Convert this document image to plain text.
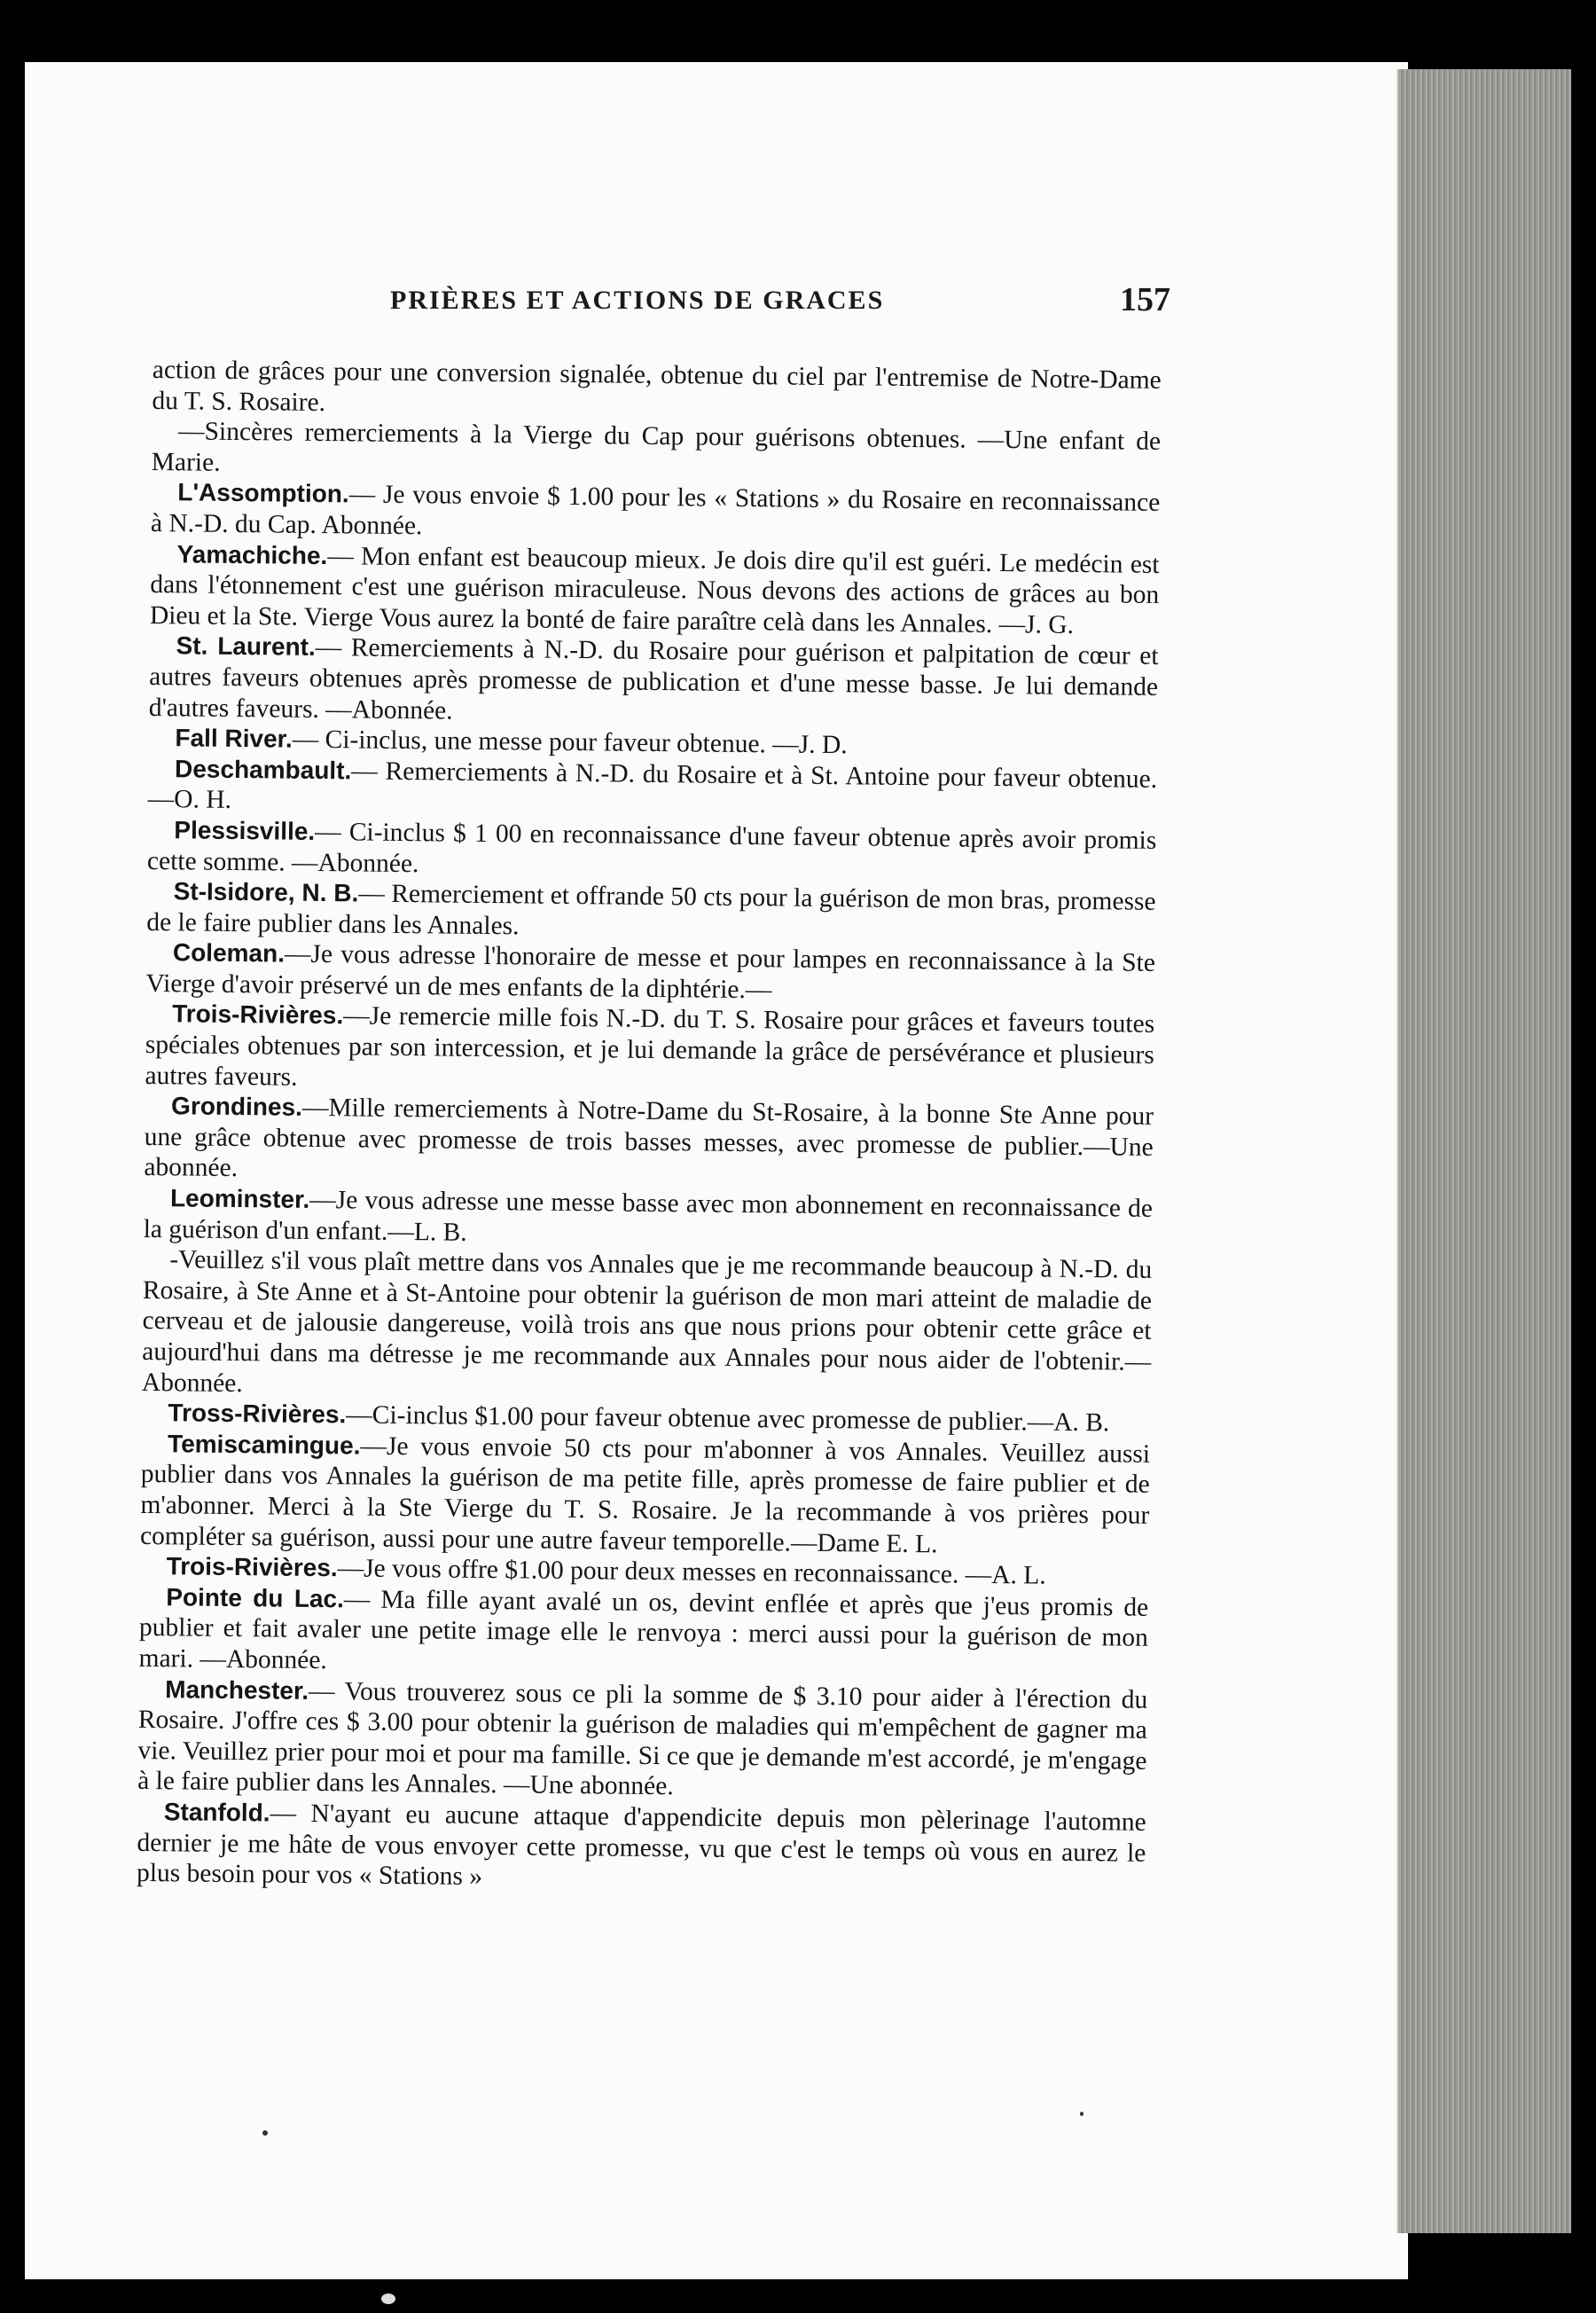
PRIÈRES ET ACTIONS DE GRACES	157

action de grâces pour une conversion signalée, obtenue du ciel par l'entremise de Notre-Dame du T. S. Rosaire.

—Sincères remerciements à la Vierge du Cap pour guérisons obtenues. —Une enfant de Marie.

L'Assomption.— Je vous envoie $ 1.00 pour les « Stations » du Rosaire en reconnaissance à N.-D. du Cap. Abonnée.

Yamachiche.— Mon enfant est beaucoup mieux. Je dois dire qu'il est guéri. Le medécin est dans l'étonnement c'est une guérison miraculeuse. Nous devons des actions de grâces au bon Dieu et la Ste. Vierge Vous aurez la bonté de faire paraître celà dans les Annales. —J. G.

St. Laurent.— Remerciements à N.-D. du Rosaire pour guérison et palpitation de cœur et autres faveurs obtenues après promesse de publication et d'une messe basse. Je lui demande d'autres faveurs. —Abonnée.

Fall River.— Ci-inclus, une messe pour faveur obtenue. —J. D.

Deschambault.— Remerciements à N.-D. du Rosaire et à St. Antoine pour faveur obtenue. —O. H.

Plessisville.— Ci-inclus $ 1 00 en reconnaissance d'une faveur obtenue après avoir promis cette somme. —Abonnée.

St-Isidore, N. B.— Remerciement et offrande 50 cts pour la guérison de mon bras, promesse de le faire publier dans les Annales.

Coleman.—Je vous adresse l'honoraire de messe et pour lampes en reconnaissance à la Ste Vierge d'avoir préservé un de mes enfants de la diphtérie.—

Trois-Rivières.—Je remercie mille fois N.-D. du T. S. Rosaire pour grâces et faveurs toutes spéciales obtenues par son intercession, et je lui demande la grâce de persévérance et plusieurs autres faveurs.

Grondines.—Mille remerciements à Notre-Dame du St-Rosaire, à la bonne Ste Anne pour une grâce obtenue avec promesse de trois basses messes, avec promesse de publier.—Une abonnée.

Leominster.—Je vous adresse une messe basse avec mon abonnement en reconnaissance de la guérison d'un enfant.—L. B.

-Veuillez s'il vous plaît mettre dans vos Annales que je me recommande beaucoup à N.-D. du Rosaire, à Ste Anne et à St-Antoine pour obtenir la guérison de mon mari atteint de maladie de cerveau et de jalousie dangereuse, voilà trois ans que nous prions pour obtenir cette grâce et aujourd'hui dans ma détresse je me recommande aux Annales pour nous aider de l'obtenir.—Abonnée.

Tross-Rivières.—Ci-inclus $1.00 pour faveur obtenue avec promesse de publier.—A. B.

Temiscamingue.—Je vous envoie 50 cts pour m'abonner à vos Annales. Veuillez aussi publier dans vos Annales la guérison de ma petite fille, après promesse de faire publier et de m'abonner. Merci à la Ste Vierge du T. S. Rosaire. Je la recommande à vos prières pour compléter sa guérison, aussi pour une autre faveur temporelle.—Dame E. L.

Trois-Rivières.—Je vous offre $1.00 pour deux messes en reconnaissance. —A. L.

Pointe du Lac.— Ma fille ayant avalé un os, devint enflée et après que j'eus promis de publier et fait avaler une petite image elle le renvoya : merci aussi pour la guérison de mon mari. —Abonnée.

Manchester.— Vous trouverez sous ce pli la somme de $ 3.10 pour aider à l'érection du Rosaire. J'offre ces $ 3.00 pour obtenir la guérison de maladies qui m'empêchent de gagner ma vie. Veuillez prier pour moi et pour ma famille. Si ce que je demande m'est accordé, je m'engage à le faire publier dans les Annales. —Une abonnée.

Stanfold.— N'ayant eu aucune attaque d'appendicite depuis mon pèlerinage l'automne dernier je me hâte de vous envoyer cette promesse, vu que c'est le temps où vous en aurez le plus besoin pour vos « Stations »
